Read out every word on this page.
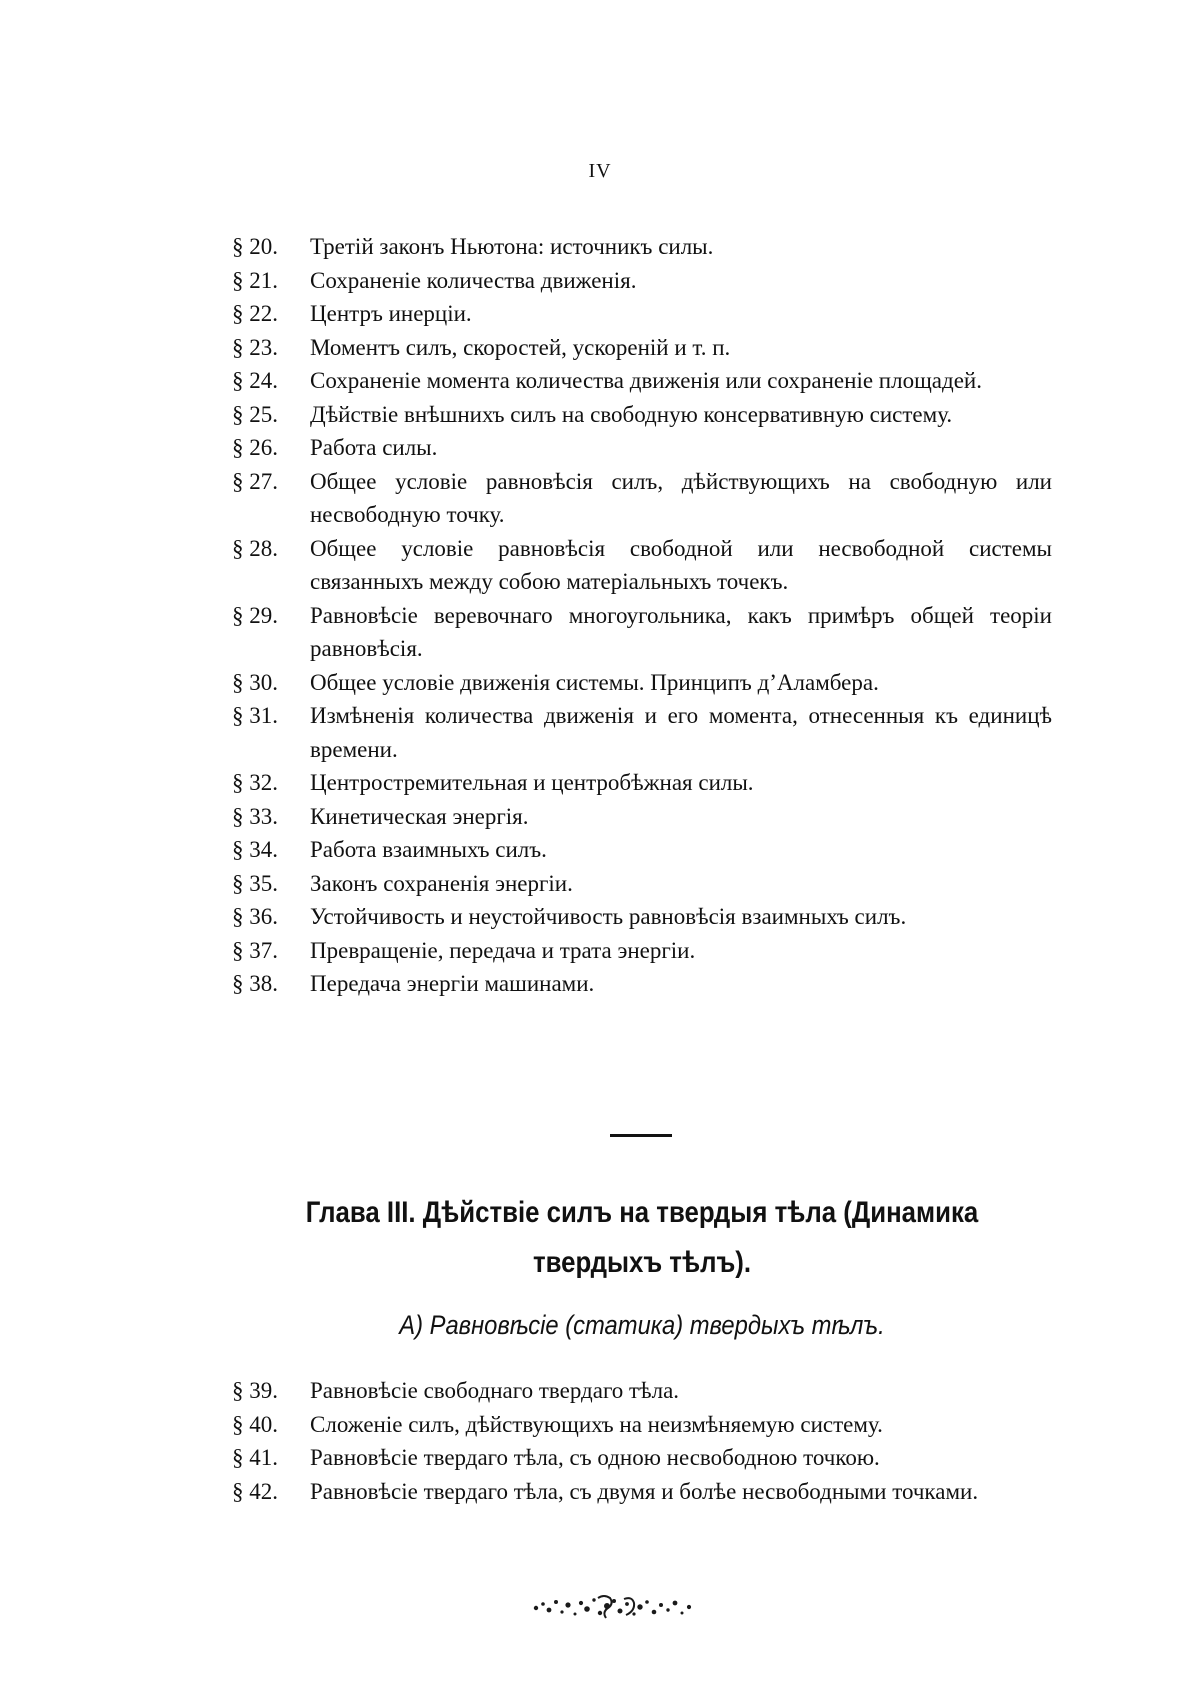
IV
§ 20.	Третій законъ Ньютона: источникъ силы.
§ 21.	Сохраненіе количества движенія.
§ 22.	Центръ инерціи.
§ 23.	Моментъ силъ, скоростей, ускореній и т. п.
§ 24.	Сохраненіе момента количества движенія или сохраненіе площадей.
§ 25.	Дѣйствіе внѣшнихъ силъ на свободную консервативную систему.
§ 26.	Работа силы.
§ 27.	Общее условіе равновѣсія силъ, дѣйствующихъ на свободную или несвободную точку.
§ 28.	Общее условіе равновѣсія свободной или несвободной системы связанныхъ между собою матеріальныхъ точекъ.
§ 29.	Равновѣсіе веревочнаго многоугольника, какъ примѣръ общей теоріи равновѣсія.
§ 30.	Общее условіе движенія системы. Принципъ д’Аламбера.
§ 31.	Измѣненія количества движенія и его момента, отнесенныя къ единицѣ времени.
§ 32.	Центростремительная и центробѣжная силы.
§ 33.	Кинетическая энергія.
§ 34.	Работа взаимныхъ силъ.
§ 35.	Законъ сохраненія энергіи.
§ 36.	Устойчивость и неустойчивость равновѣсія взаимныхъ силъ.
§ 37.	Превращеніе, передача и трата энергіи.
§ 38.	Передача энергіи машинами.
Глава III. Дѣйствіе силъ на твердыя тѣла (Динамика твердыхъ тѣлъ).
A) Равновѣсіе (статика) твердыхъ тѣлъ.
§ 39.	Равновѣсіе свободнаго твердаго тѣла.
§ 40.	Сложеніе силъ, дѣйствующихъ на неизмѣняемую систему.
§ 41.	Равновѣсіе твердаго тѣла, съ одною несвободною точкою.
§ 42.	Равновѣсіе твердаго тѣла, съ двумя и болѣе несвободными точками.
